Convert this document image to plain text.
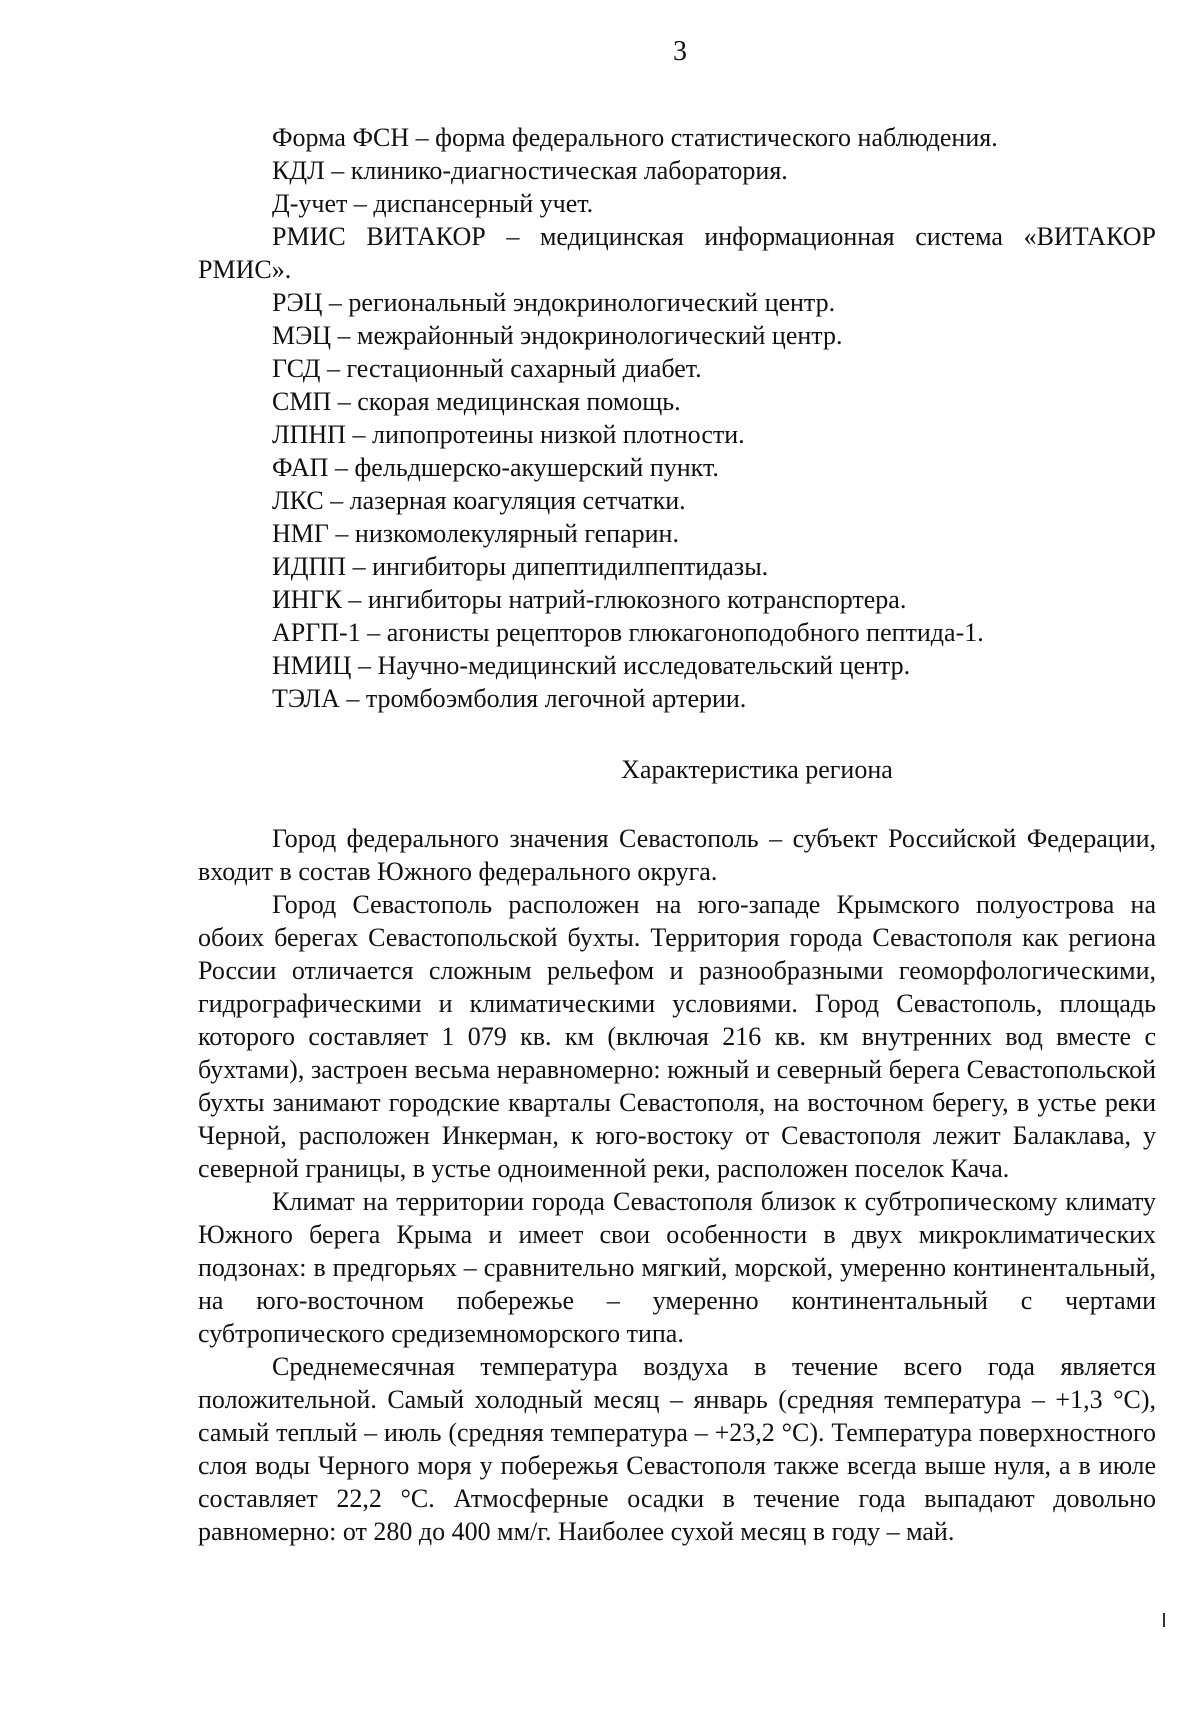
3

Форма ФСН – форма федерального статистического наблюдения.

КДЛ – клинико-диагностическая лаборатория.

Д-учет – диспансерный учет.

РМИС ВИТАКОР – медицинская информационная система «ВИТАКОР РМИС».

РЭЦ – региональный эндокринологический центр.

МЭЦ – межрайонный эндокринологический центр.

ГСД – гестационный сахарный диабет.

СМП – скорая медицинская помощь.

ЛПНП – липопротеины низкой плотности.

ФАП – фельдшерско-акушерский пункт.

ЛКС – лазерная коагуляция сетчатки.

НМГ – низкомолекулярный гепарин.

ИДПП – ингибиторы дипептидилпептидазы.

ИНГК – ингибиторы натрий-глюкозного котранспортера.

АРГП-1 – агонисты рецепторов глюкагоноподобного пептида-1.

НМИЦ – Научно-медицинский исследовательский центр.

ТЭЛА – тромбоэмболия легочной артерии.

Характеристика региона

Город федерального значения Севастополь – субъект Российской Федерации, входит в состав Южного федерального округа.

Город Севастополь расположен на юго-западе Крымского полуострова на обоих берегах Севастопольской бухты. Территория города Севастополя как региона России отличается сложным рельефом и разнообразными геоморфологическими, гидрографическими и климатическими условиями. Город Севастополь, площадь которого составляет 1 079 кв. км (включая 216 кв. км внутренних вод вместе с бухтами), застроен весьма неравномерно: южный и северный берега Севастопольской бухты занимают городские кварталы Севастополя, на восточном берегу, в устье реки Черной, расположен Инкерман, к юго-востоку от Севастополя лежит Балаклава, у северной границы, в устье одноименной реки, расположен поселок Кача.

Климат на территории города Севастополя близок к субтропическому климату Южного берега Крыма и имеет свои особенности в двух микроклиматических подзонах: в предгорьях – сравнительно мягкий, морской, умеренно континентальный, на юго-восточном побережье – умеренно континентальный с чертами субтропического средиземноморского типа.

Среднемесячная температура воздуха в течение всего года является положительной. Самый холодный месяц – январь (средняя температура – +1,3 °С), самый теплый – июль (средняя температура – +23,2 °С). Температура поверхностного слоя воды Черного моря у побережья Севастополя также всегда выше нуля, а в июле составляет 22,2 °С. Атмосферные осадки в течение года выпадают довольно равномерно: от 280 до 400 мм/г. Наиболее сухой месяц в году – май.
